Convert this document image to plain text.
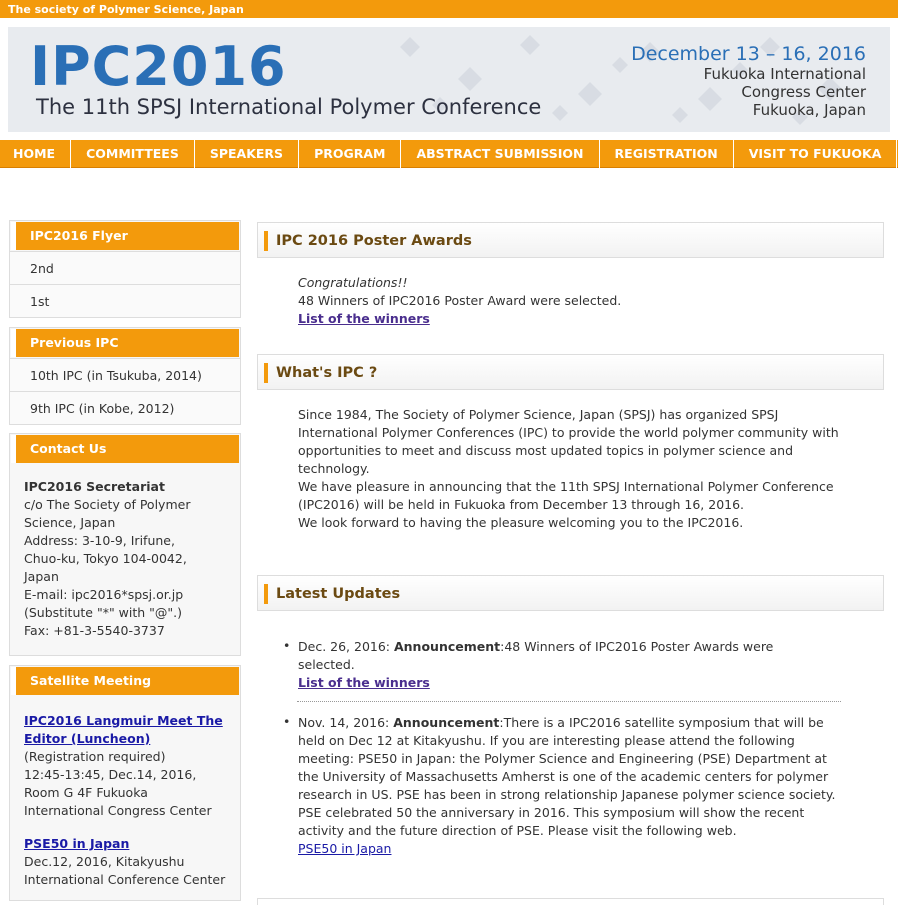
The society of Polymer Science, Japan
IPC2016
The 11th SPSJ International Polymer Conference
December 13 – 16, 2016
Fukuoka International
Congress Center
Fukuoka, Japan
HOME	COMMITTEES	SPEAKERS	PROGRAM	ABSTRACT SUBMISSION	REGISTRATION	VISIT TO FUKUOKA
IPC2016 Flyer
2nd
1st
Previous IPC
10th IPC (in Tsukuba, 2014)
9th IPC (in Kobe, 2012)
Contact Us
IPC2016 Secretariat
c/o The Society of Polymer
Science, Japan
Address: 3-10-9, Irifune,
Chuo-ku, Tokyo 104-0042,
Japan
E-mail: ipc2016*spsj.or.jp
(Substitute "*" with "@".)
Fax: +81-3-5540-3737
Satellite Meeting
IPC2016 Langmuir Meet The Editor (Luncheon)
(Registration required)
12:45-13:45, Dec.14, 2016,
Room G 4F Fukuoka
International Congress Center
PSE50 in Japan
Dec.12, 2016, Kitakyushu
International Conference Center
IPC 2016 Poster Awards
Congratulations!!
48 Winners of IPC2016 Poster Award were selected.
List of the winners
What's IPC ?
Since 1984, The Society of Polymer Science, Japan (SPSJ) has organized SPSJ International Polymer Conferences (IPC) to provide the world polymer community with opportunities to meet and discuss most updated topics in polymer science and technology.
We have pleasure in announcing that the 11th SPSJ International Polymer Conference (IPC2016) will be held in Fukuoka from December 13 through 16, 2016.
We look forward to having the pleasure welcoming you to the IPC2016.
Latest Updates
• Dec. 26, 2016: Announcement:48 Winners of IPC2016 Poster Awards were selected.
List of the winners
• Nov. 14, 2016: Announcement:There is a IPC2016 satellite symposium that will be held on Dec 12 at Kitakyushu. If you are interesting please attend the following meeting: PSE50 in Japan: the Polymer Science and Engineering (PSE) Department at the University of Massachusetts Amherst is one of the academic centers for polymer research in US. PSE has been in strong relationship Japanese polymer science society. PSE celebrated 50 the anniversary in 2016. This symposium will show the recent activity and the future direction of PSE. Please visit the following web.
PSE50 in Japan
